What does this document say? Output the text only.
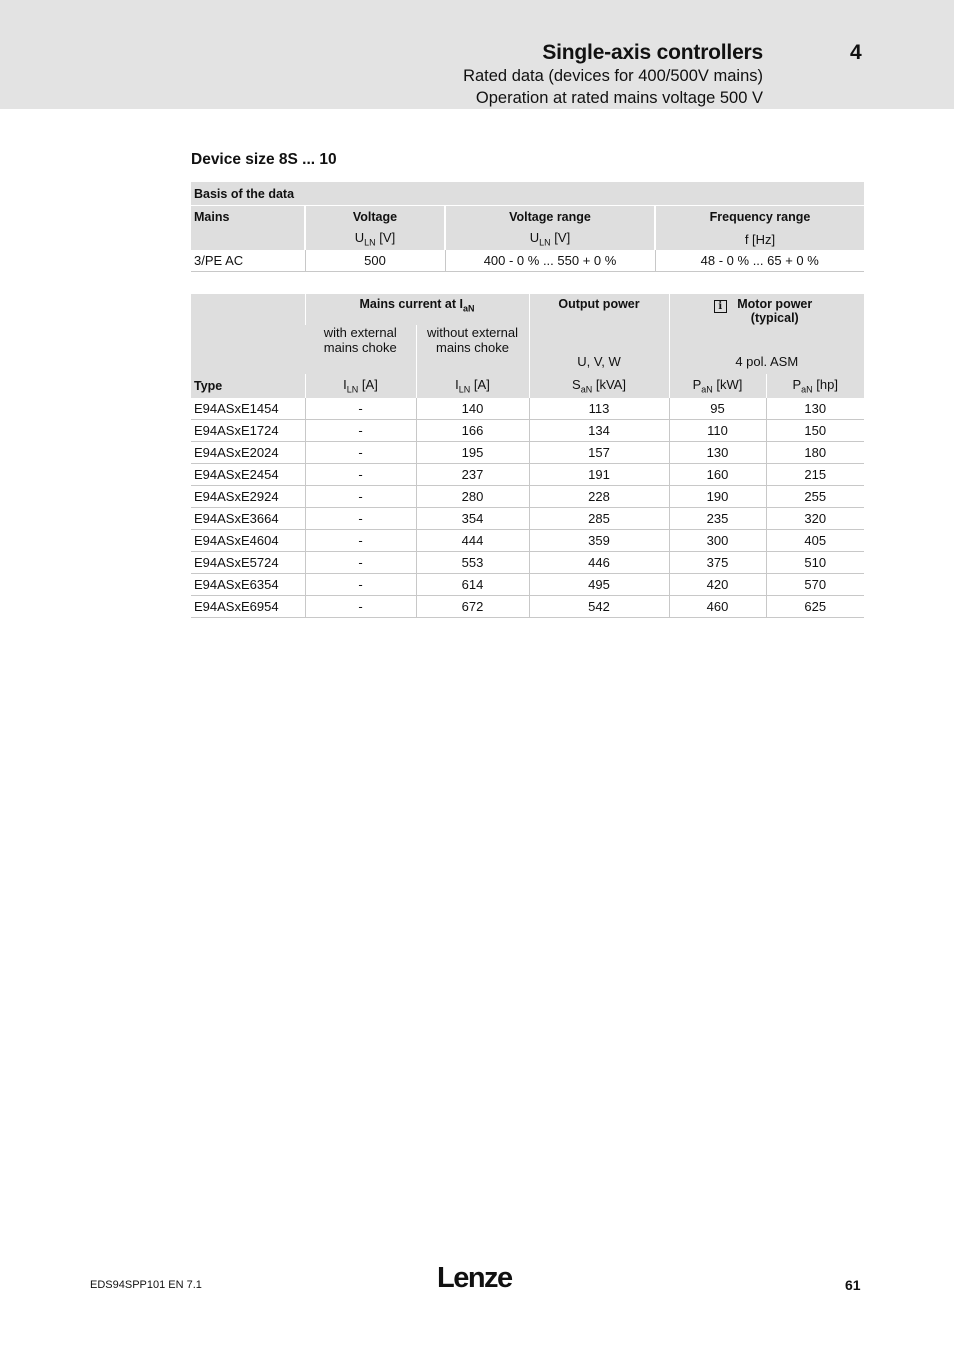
Single-axis controllers	4
Rated data (devices for 400/500V mains)
Operation at rated mains voltage 500 V
Device size 8S ... 10
Basis of the data			
Mains	Voltage	Voltage range	Frequency range
	$U_{LN}$ [V]	$U_{LN}$ [V]	f [Hz]
3/PE AC	500	400 - 0 % ... 550 + 0 %	48 - 0 % ... 65 + 0 %
	Mains current at $I_{aN}$		Output power	i Motor power (typical)	
	with external mains choke	without external mains choke	U, V, W	4 pol. ASM	
Type	$I_{LN}$ [A]	$I_{LN}$ [A]	$S_{aN}$ [kVA]	$P_{aN}$ [kW]	$P_{aN}$ [hp]
E94ASxE1454	-	140	113	95	130
E94ASxE1724	-	166	134	110	150
E94ASxE2024	-	195	157	130	180
E94ASxE2454	-	237	191	160	215
E94ASxE2924	-	280	228	190	255
E94ASxE3664	-	354	285	235	320
E94ASxE4604	-	444	359	300	405
E94ASxE5724	-	553	446	375	510
E94ASxE6354	-	614	495	420	570
E94ASxE6954	-	672	542	460	625
EDS94SPP101 EN 7.1	Lenze	61
